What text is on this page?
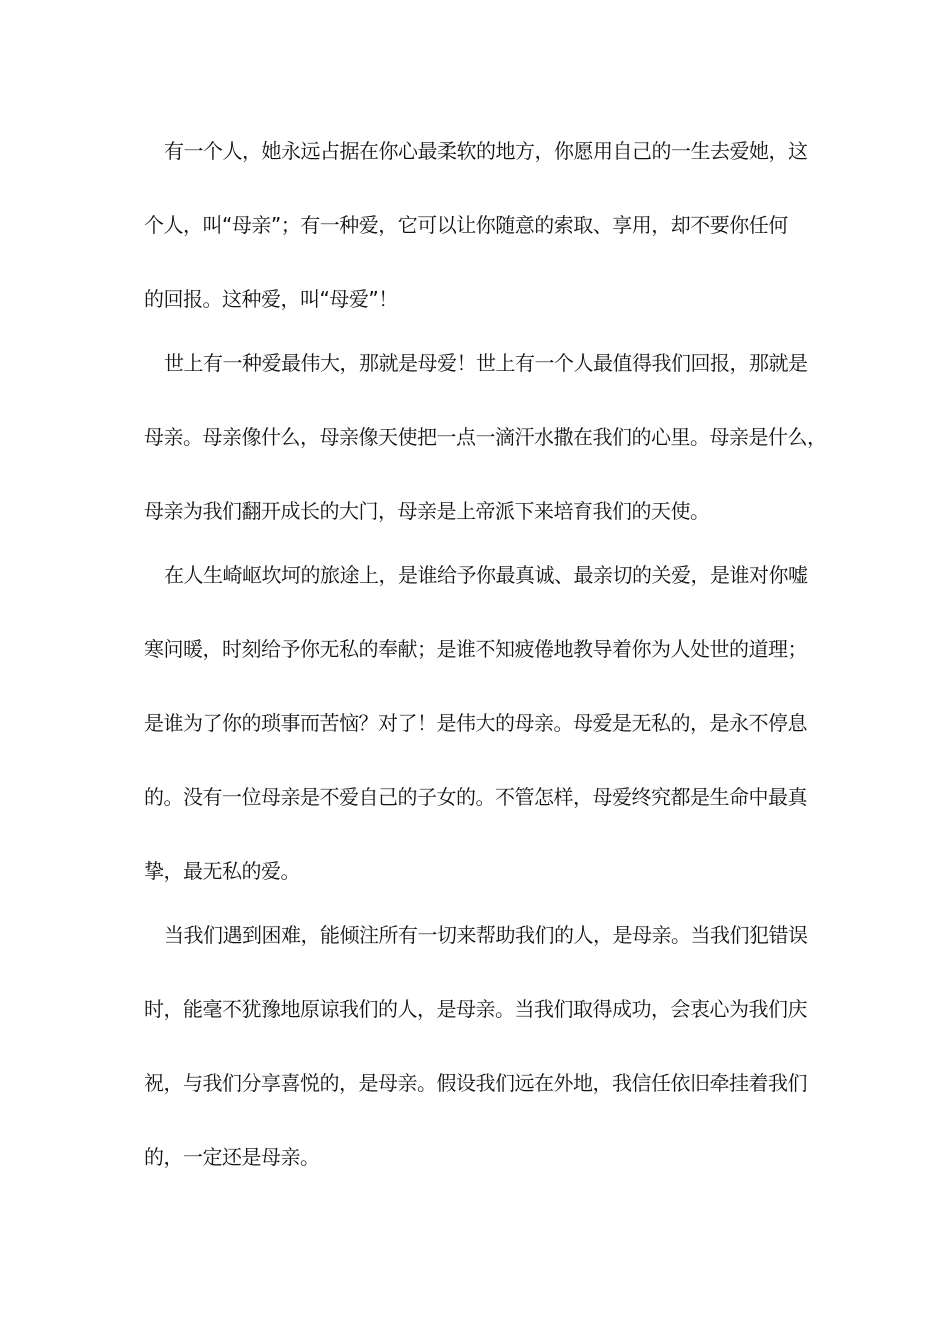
有一个人，她永远占据在你心最柔软的地方，你愿用自己的一生去爱她，这
个人，叫“母亲”；有一种爱，它可以让你随意的索取、享用，却不要你任何
的回报。这种爱，叫“母爱”！
世上有一种爱最伟大，那就是母爱！世上有一个人最值得我们回报，那就是
母亲。母亲像什么，母亲像天使把一点一滴汗水撒在我们的心里。母亲是什么，
母亲为我们翻开成长的大门，母亲是上帝派下来培育我们的天使。
在人生崎岖坎坷的旅途上，是谁给予你最真诚、最亲切的关爱，是谁对你嘘
寒问暖，时刻给予你无私的奉献；是谁不知疲倦地教导着你为人处世的道理；
是谁为了你的琐事而苦恼？对了！是伟大的母亲。母爱是无私的，是永不停息
的。没有一位母亲是不爱自己的子女的。不管怎样，母爱终究都是生命中最真
挚，最无私的爱。
当我们遇到困难，能倾注所有一切来帮助我们的人，是母亲。当我们犯错误
时，能毫不犹豫地原谅我们的人，是母亲。当我们取得成功，会衷心为我们庆
祝，与我们分享喜悦的，是母亲。假设我们远在外地，我信任依旧牵挂着我们
的，一定还是母亲。
